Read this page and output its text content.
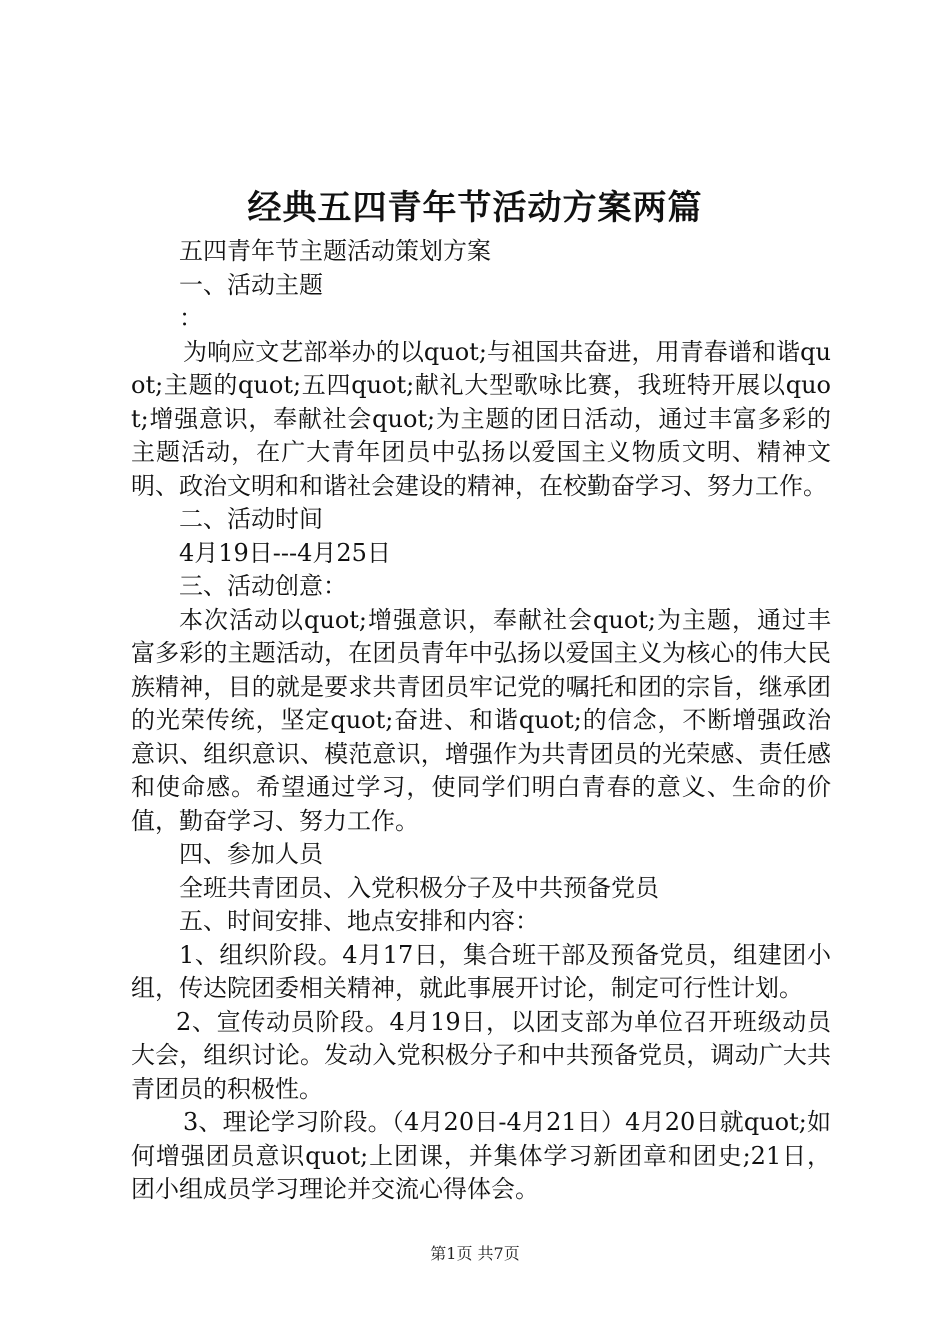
经典五四青年节活动方案两篇
五四青年节主题活动策划方案
一、活动主题
：
为响应文艺部举办的以quot;与祖国共奋进，用青春谱和谐quot;主题的quot;五四quot;献礼大型歌咏比赛，我班特开展以quot;增强意识，奉献社会quot;为主题的团日活动，通过丰富多彩的主题活动，在广大青年团员中弘扬以爱国主义物质文明、精神文明、政治文明和和谐社会建设的精神，在校勤奋学习、努力工作。
二、活动时间
4月19日---4月25日
三、活动创意：
本次活动以quot;增强意识，奉献社会quot;为主题，通过丰富多彩的主题活动，在团员青年中弘扬以爱国主义为核心的伟大民族精神，目的就是要求共青团员牢记党的嘱托和团的宗旨，继承团的光荣传统，坚定quot;奋进、和谐quot;的信念，不断增强政治意识、组织意识、模范意识，增强作为共青团员的光荣感、责任感和使命感。希望通过学习，使同学们明白青春的意义、生命的价值，勤奋学习、努力工作。
四、参加人员
全班共青团员、入党积极分子及中共预备党员
五、时间安排、地点安排和内容：
1、组织阶段。4月17日，集合班干部及预备党员，组建团小组，传达院团委相关精神，就此事展开讨论，制定可行性计划。
2、宣传动员阶段。4月19日，以团支部为单位召开班级动员大会，组织讨论。发动入党积极分子和中共预备党员，调动广大共青团员的积极性。
3、理论学习阶段。（4月20日-4月21日）4月20日就quot;如何增强团员意识quot;上团课，并集体学习新团章和团史;21日，团小组成员学习理论并交流心得体会。
第1页 共7页
